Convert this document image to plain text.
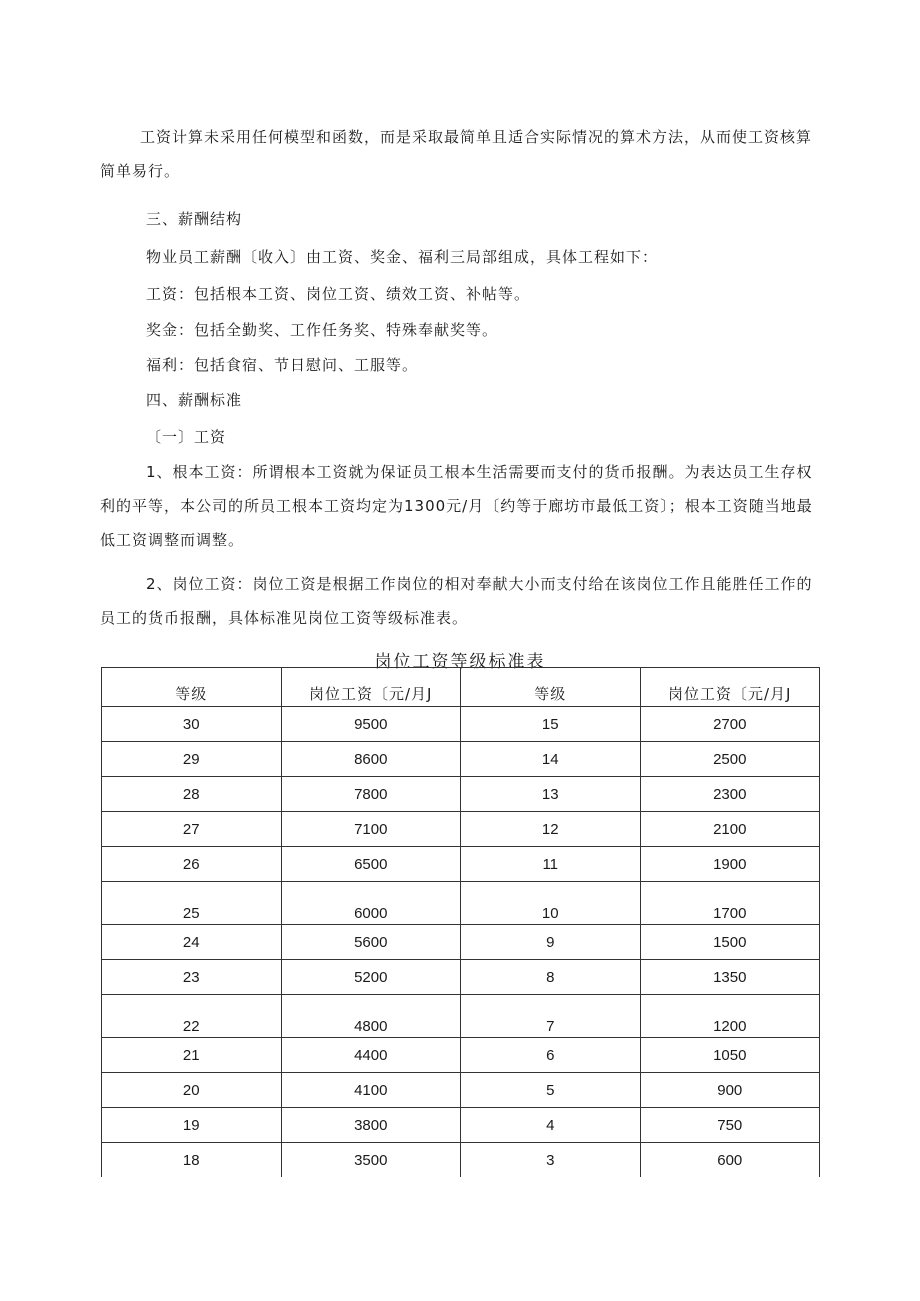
工资计算未采用任何模型和函数，而是采取最简单且适合实际情况的算术方法，从而使工资核算简单易行。

三、薪酬结构

物业员工薪酬〔收入〕由工资、奖金、福利三局部组成，具体工程如下：

工资：包括根本工资、岗位工资、绩效工资、补帖等。

奖金：包括全勤奖、工作任务奖、特殊奉献奖等。

福利：包括食宿、节日慰问、工服等。

四、薪酬标准

〔一〕工资

1、根本工资：所谓根本工资就为保证员工根本生活需要而支付的货币报酬。为表达员工生存权利的平等，本公司的所员工根本工资均定为1300元/月〔约等于廊坊市最低工资〕；根本工资随当地最低工资调整而调整。

2、岗位工资：岗位工资是根据工作岗位的相对奉献大小而支付给在该岗位工作且能胜任工作的员工的货币报酬，具体标准见岗位工资等级标准表。

岗位工资等级标准表
等级	岗位工资〔元/月J	等级	岗位工资〔元/月J
30	9500	15	2700
29	8600	14	2500
28	7800	13	2300
27	7100	12	2100
26	6500	11	1900
25	6000	10	1700
24	5600	9	1500
23	5200	8	1350
22	4800	7	1200
21	4400	6	1050
20	4100	5	900
19	3800	4	750
18	3500	3	600
